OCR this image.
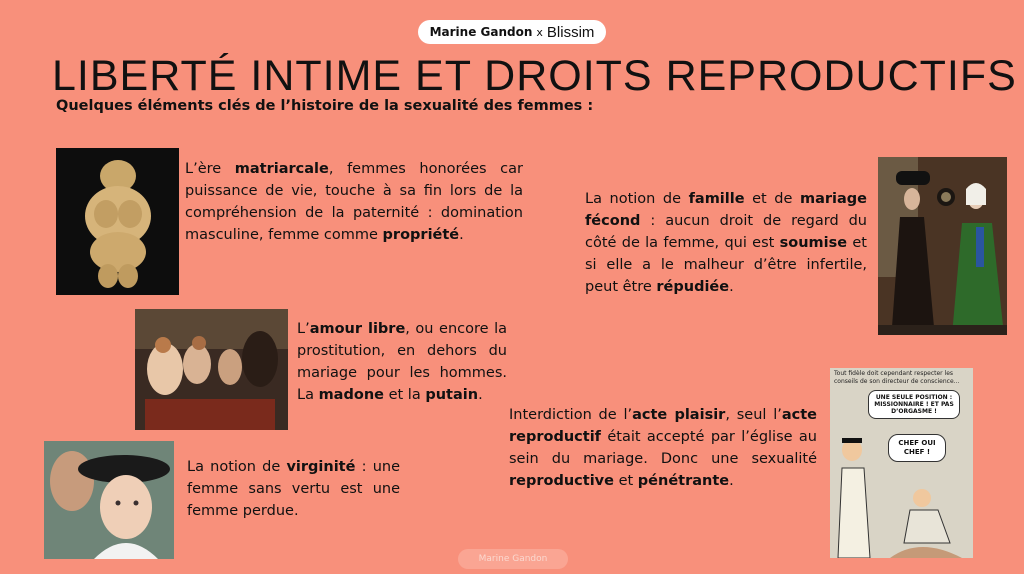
Marine Gandon x Blissim
LIBERTÉ INTIME ET DROITS REPRODUCTIFS
Quelques éléments clés de l’histoire de la sexualité des femmes :
L’ère matriarcale, femmes honorées car puissance de vie, touche à sa fin lors de la compréhension de la paternité : domination masculine, femme comme propriété.
L’amour libre, ou encore la prostitution, en dehors du mariage pour les hommes. La madone et la putain.
La notion de virginité : une femme sans vertu est une femme perdue.
La notion de famille et de mariage fécond : aucun droit de regard du côté de la femme, qui est soumise et si elle a le malheur d’être infertile, peut être répudiée.
Interdiction de l’acte plaisir, seul l’acte reproductif était accepté par l’église au sein du mariage. Donc une sexualité reproductive et pénétrante.
Tout fidèle doit cependant respecter les conseils de son directeur de conscience...
UNE SEULE POSITION : MISSIONNAIRE ! ET PAS D’ORGASME !
CHEF OUI CHEF !
Marine Gandon
